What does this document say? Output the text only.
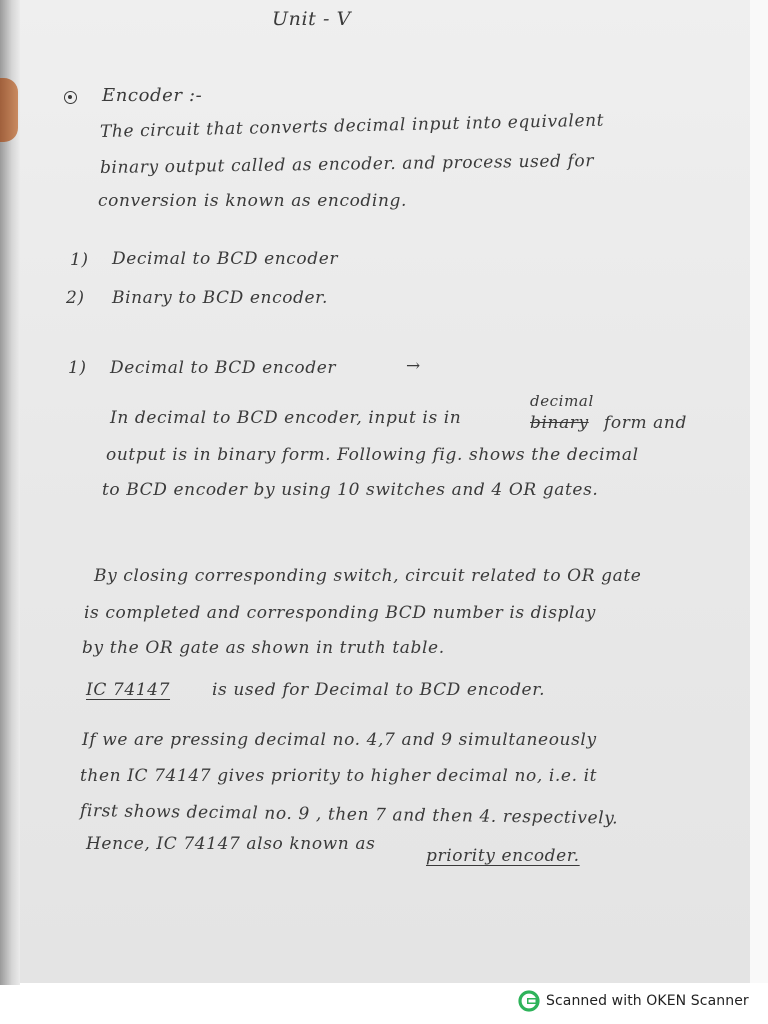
Unit - V
Encoder :-
The circuit that converts decimal input into equivalent
binary output called as encoder. and process used for
conversion is known as encoding.
1) Decimal to BCD encoder
2) Binary to BCD encoder.
1) Decimal to BCD encoder	→
decimal
In decimal to BCD encoder, input is in	binary form and
output is in binary form. Following fig. shows the decimal
to BCD encoder by using 10 switches and 4 OR gates.
By closing corresponding switch, circuit related to OR gate
is completed and corresponding BCD number is display
by the OR gate as shown in truth table.
IC 74147 is used for Decimal to BCD encoder.
If we are pressing decimal no. 4,7 and 9 simultaneously
then IC 74147 gives priority to higher decimal no, i.e. it
first shows decimal no. 9 , then 7 and then 4. respectively.
Hence, IC 74147 also known as
priority encoder.
Scanned with OKEN Scanner
